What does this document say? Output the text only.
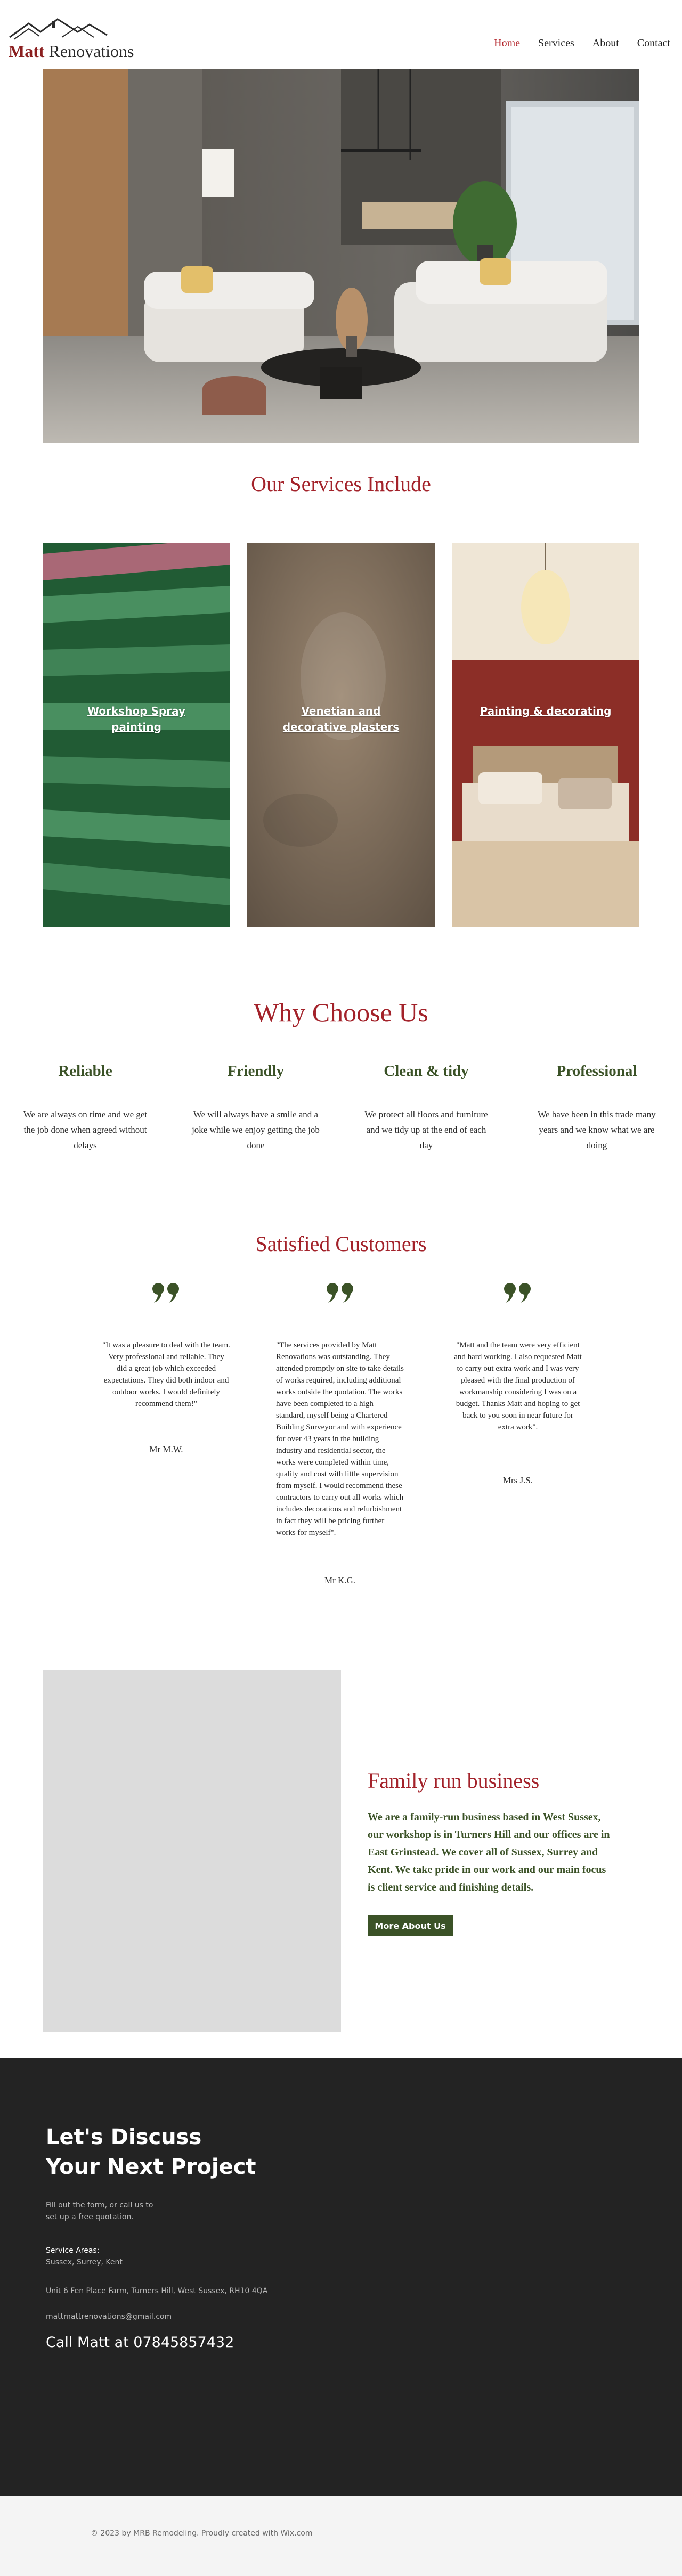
Matt Renovations	Home Services About Contact
Our Services Include
Workshop Spray painting
Venetian and decorative plasters
Painting & decorating
Why Choose Us
Reliable

We are always on time and we get the job done when agreed without delays

Friendly

We will always have a smile and a joke while we enjoy getting the job done

Clean & tidy

We protect all floors and furniture and we tidy up at the end of each day

Professional

We have been in this trade many years and we know what we are doing

Satisfied Customers
"It was a pleasure to deal with the team. Very professional and reliable. They did a great job which exceeded expectations. They did both indoor and outdoor works. I would definitely recommend them!"
Mr M.W.
"The services provided by Matt Renovations was outstanding. They attended promptly on site to take details of works required, including additional works outside the quotation. The works have been completed to a high standard, myself being a Chartered Building Surveyor and with experience for over 43 years in the building industry and residential sector, the works were completed within time, quality and cost with little supervision from myself. I would recommend these contractors to carry out all works which includes decorations and refurbishment in fact they will be pricing further works for myself".
Mr K.G.
"Matt and the team were very efficient and hard working. I also requested Matt to carry out extra work and I was very pleased with the final production of workmanship considering I was on a budget. Thanks Matt and hoping to get back to you soon in near future for extra work".
Mrs J.S.
Family run business
We are a family-run business based in West Sussex, our workshop is in Turners Hill and our offices are in East Grinstead. We cover all of Sussex, Surrey and Kent. We take pride in our work and our main focus is client service and finishing details.
More About Us
Let's Discuss
Your Next Project
Fill out the form, or call us to
set up a free quotation.
Service Areas:
Sussex, Surrey, Kent
Unit 6 Fen Place Farm, Turners Hill, West Sussex, RH10 4QA
mattmattrenovations@gmail.com
Call Matt at 07845857432
© 2023 by MRB Remodeling. Proudly created with Wix.com
